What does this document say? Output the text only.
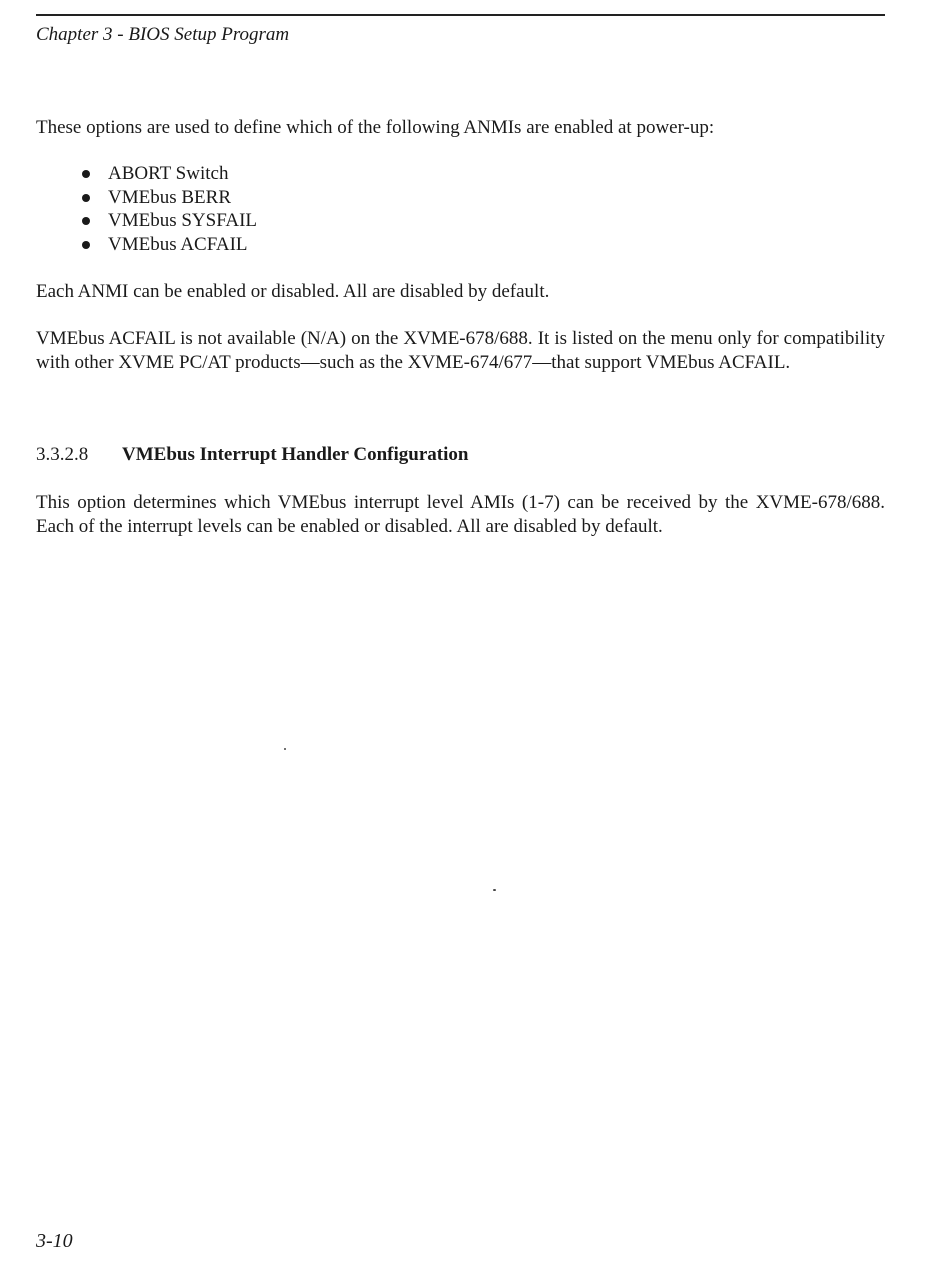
Chapter 3 - BIOS Setup Program

These options are used to define which of the following ANMIs are enabled at power-up:

ABORT Switch
VMEbus BERR
VMEbus SYSFAIL
VMEbus ACFAIL

Each ANMI can be enabled or disabled. All are disabled by default.

VMEbus ACFAIL is not available (N/A) on the XVME-678/688. It is listed on the menu only for compatibility with other XVME PC/AT products—such as the XVME-674/677—that support VMEbus ACFAIL.

3.3.2.8 VMEbus Interrupt Handler Configuration

This option determines which VMEbus interrupt level AMIs (1-7) can be received by the XVME-678/688. Each of the interrupt levels can be enabled or disabled. All are disabled by default.

3-10
